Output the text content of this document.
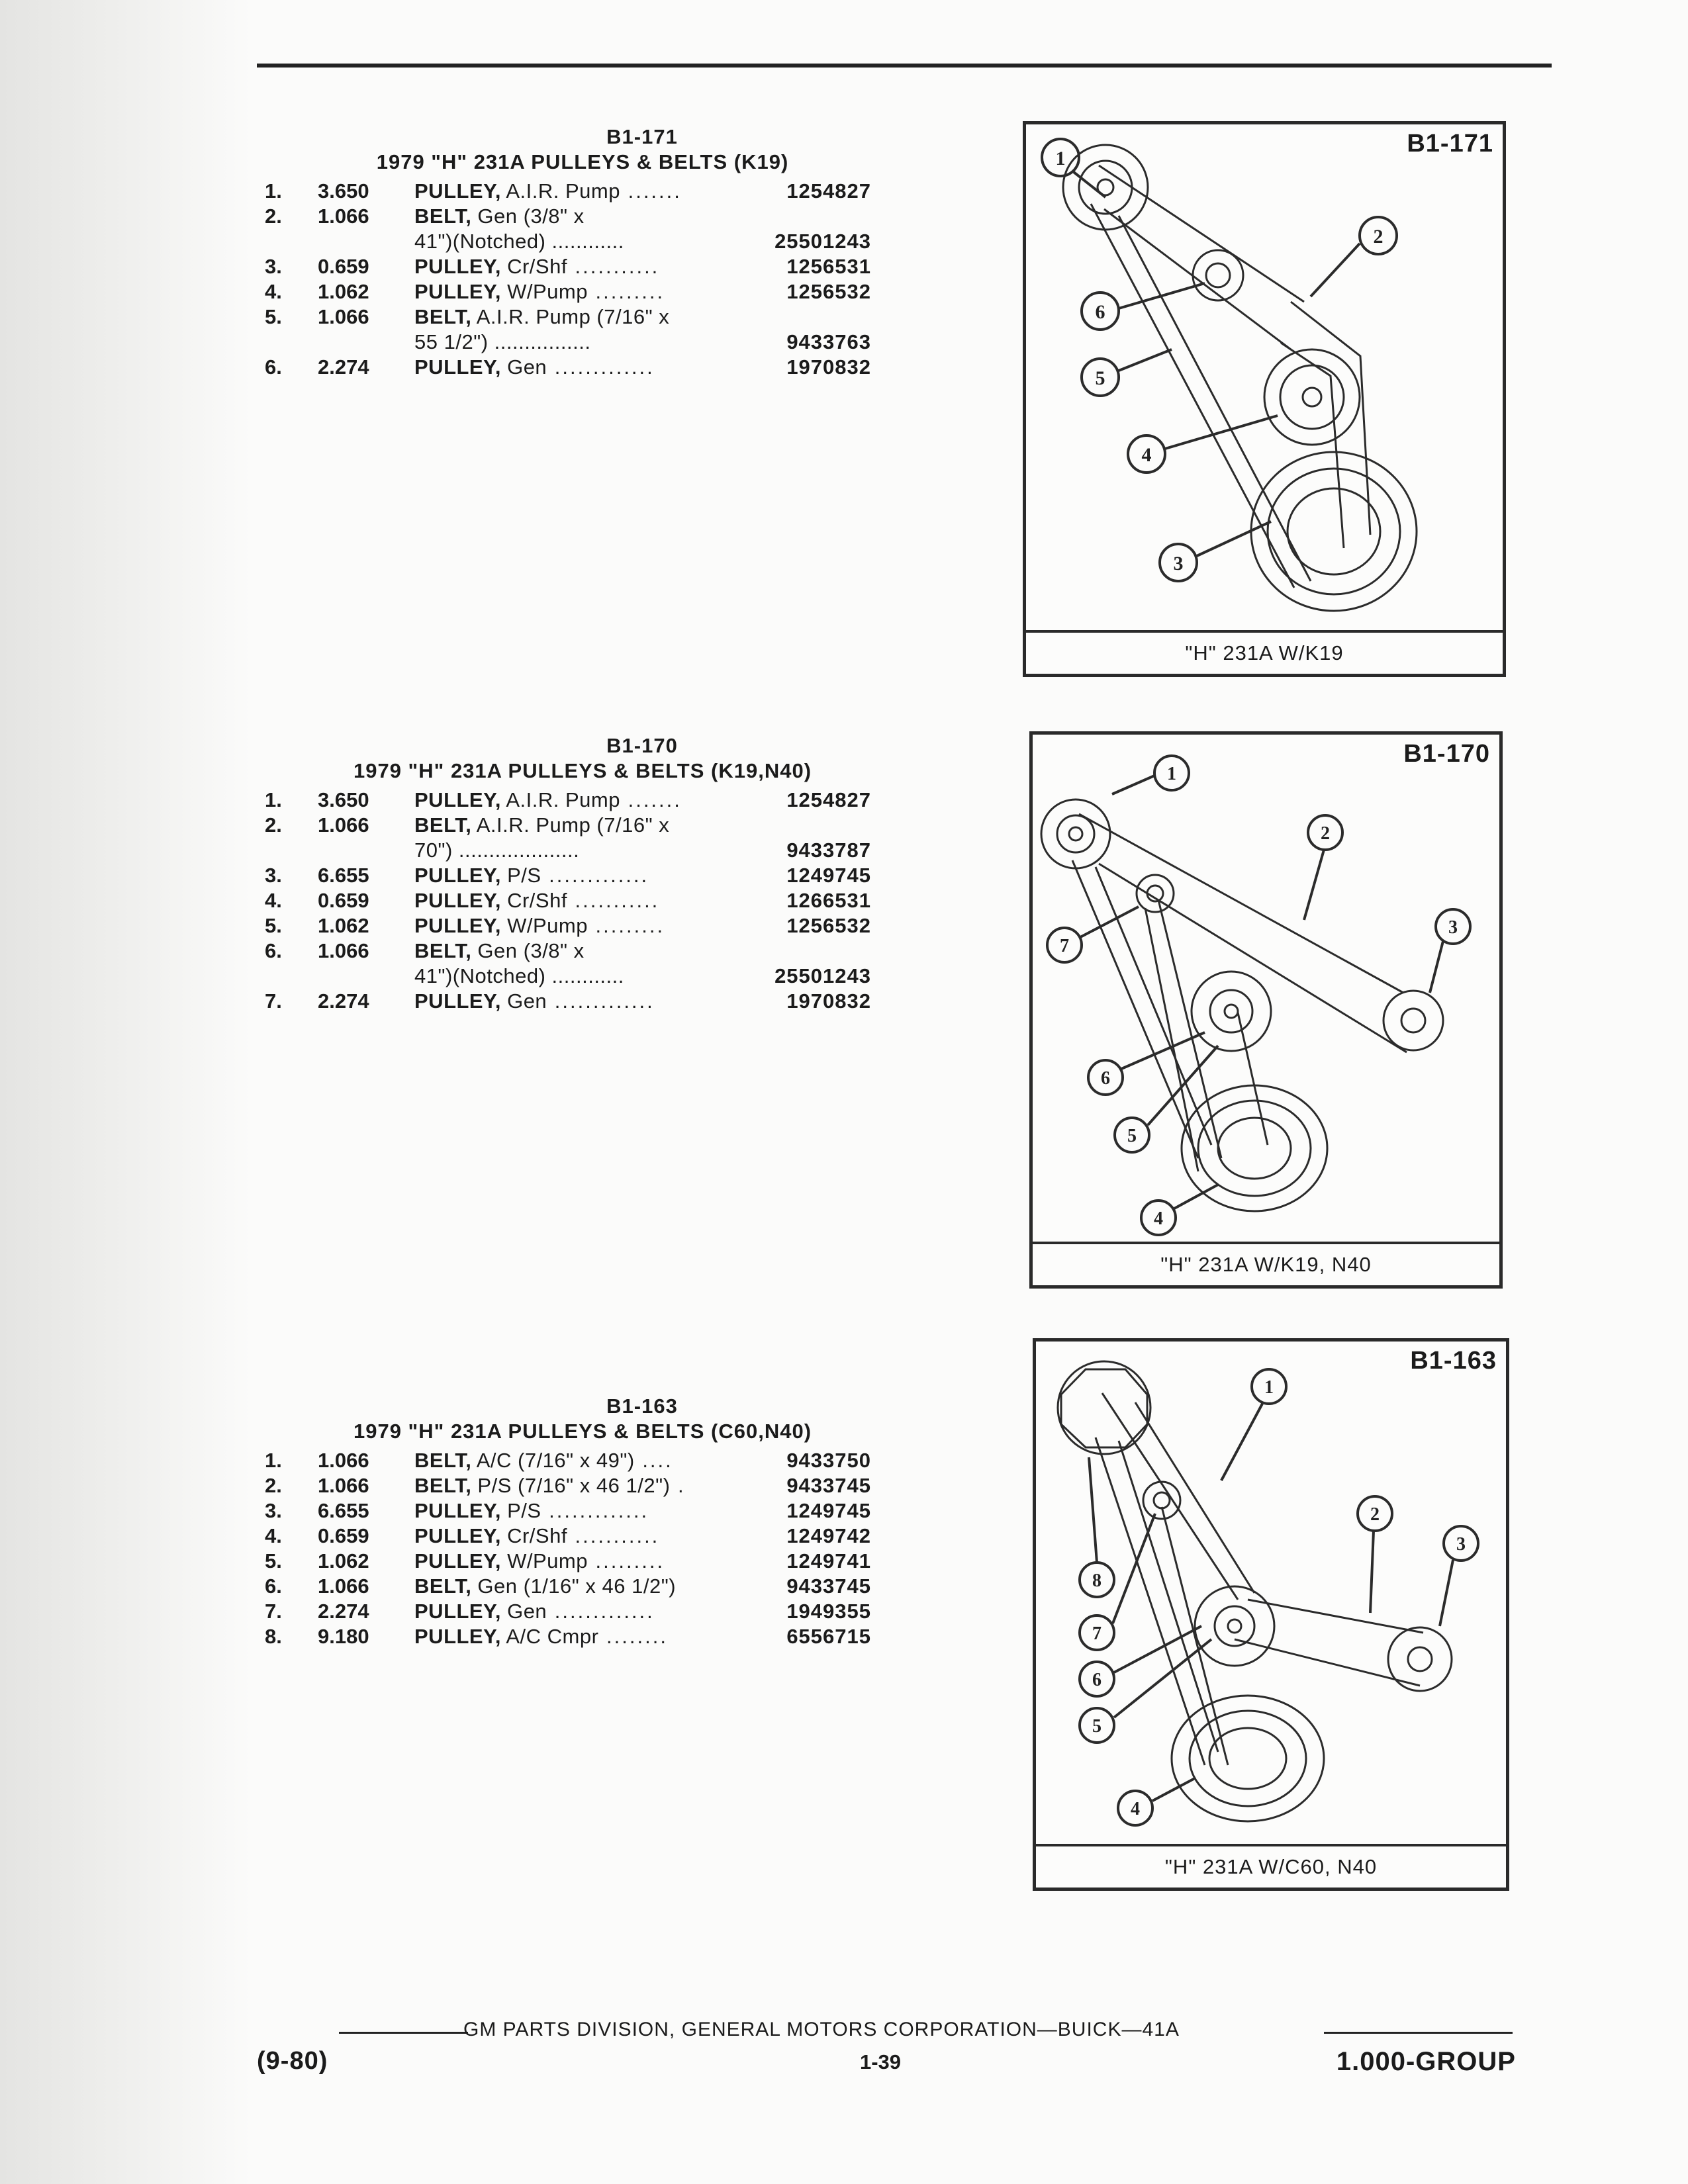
B1-171
1979 "H" 231A PULLEYS & BELTS (K19)
1. 3.650 PULLEY, A.I.R. Pump .......	1254827
2. 1.066 BELT, Gen (3/8" x
41")(Notched) ............	25501243
3. 0.659 PULLEY, Cr/Shf ...........	1256531
4. 1.062 PULLEY, W/Pump .........	1256532
5. 1.066 BELT, A.I.R. Pump (7/16" x
55 1/2") ................	9433763
6. 2.274 PULLEY, Gen .............	1970832
B1-170
1979 "H" 231A PULLEYS & BELTS (K19,N40)
1. 3.650 PULLEY, A.I.R. Pump .......	1254827
2. 1.066 BELT, A.I.R. Pump (7/16" x
70") ....................	9433787
3. 6.655 PULLEY, P/S .............	1249745
4. 0.659 PULLEY, Cr/Shf ...........	1266531
5. 1.062 PULLEY, W/Pump .........	1256532
6. 1.066 BELT, Gen (3/8" x
41")(Notched) ............	25501243
7. 2.274 PULLEY, Gen .............	1970832
B1-163
1979 "H" 231A PULLEYS & BELTS (C60,N40)
1. 1.066 BELT, A/C (7/16" x 49") ....	9433750
2. 1.066 BELT, P/S (7/16" x 46 1/2") .	9433745
3. 6.655 PULLEY, P/S .............	1249745
4. 0.659 PULLEY, Cr/Shf ...........	1249742
5. 1.062 PULLEY, W/Pump .........	1249741
6. 1.066 BELT, Gen (1/16" x 46 1/2")	9433745
7. 2.274 PULLEY, Gen .............	1949355
8. 9.180 PULLEY, A/C Cmpr ........	6556715
1
2
3
4
5
6
B1-171
"H" 231A W/K19
1
2
3
4
5
6
7
B1-170
"H" 231A W/K19, N40
1
2
3
4
5
6
7
8
B1-163
"H" 231A W/C60, N40
GM PARTS DIVISION, GENERAL MOTORS CORPORATION—BUICK—41A
(9-80)	1-39	1.000-GROUP
